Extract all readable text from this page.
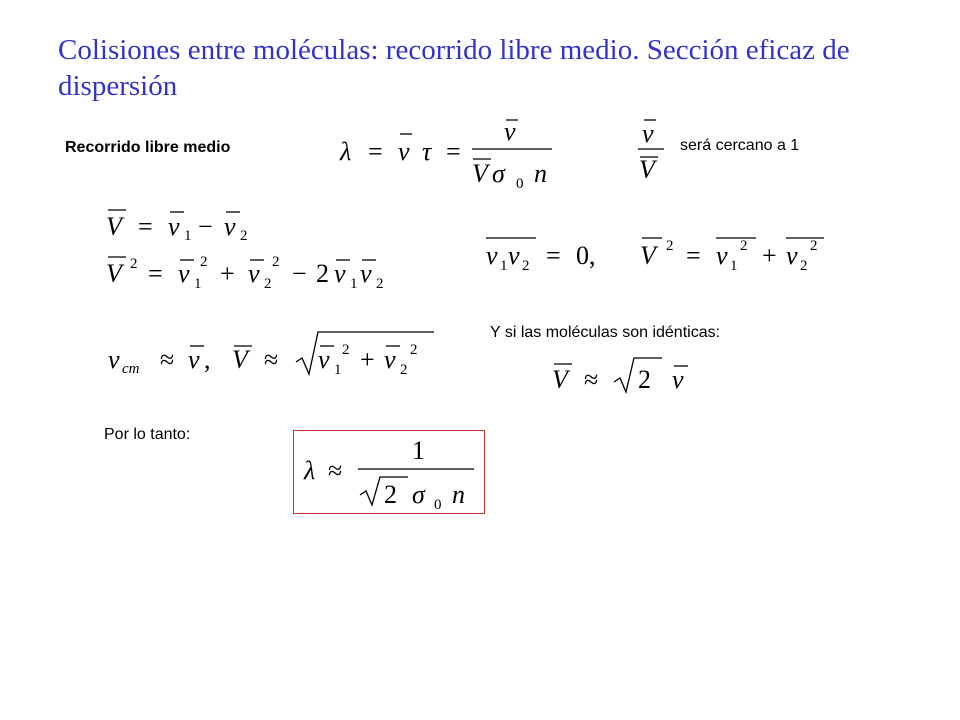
Colisiones entre moléculas: recorrido libre medio. Sección eficaz de dispersión
Recorrido libre medio	será cercano a 1
Y si las moléculas son idénticas:
Por lo tanto:
λ = v τ =
v
V σ 0 n
v
V
V = v 1 − v 2
V 2 = v 1
2 + v 2
2 − 2 v 1 v 2
v 1 v 2 = 0, V 2 = v 1
2 + v 2
2
v cm ≈ v , V ≈ v 1
2 + v 2
2
V ≈ 2 v
λ ≈
1
2 σ 0 n
